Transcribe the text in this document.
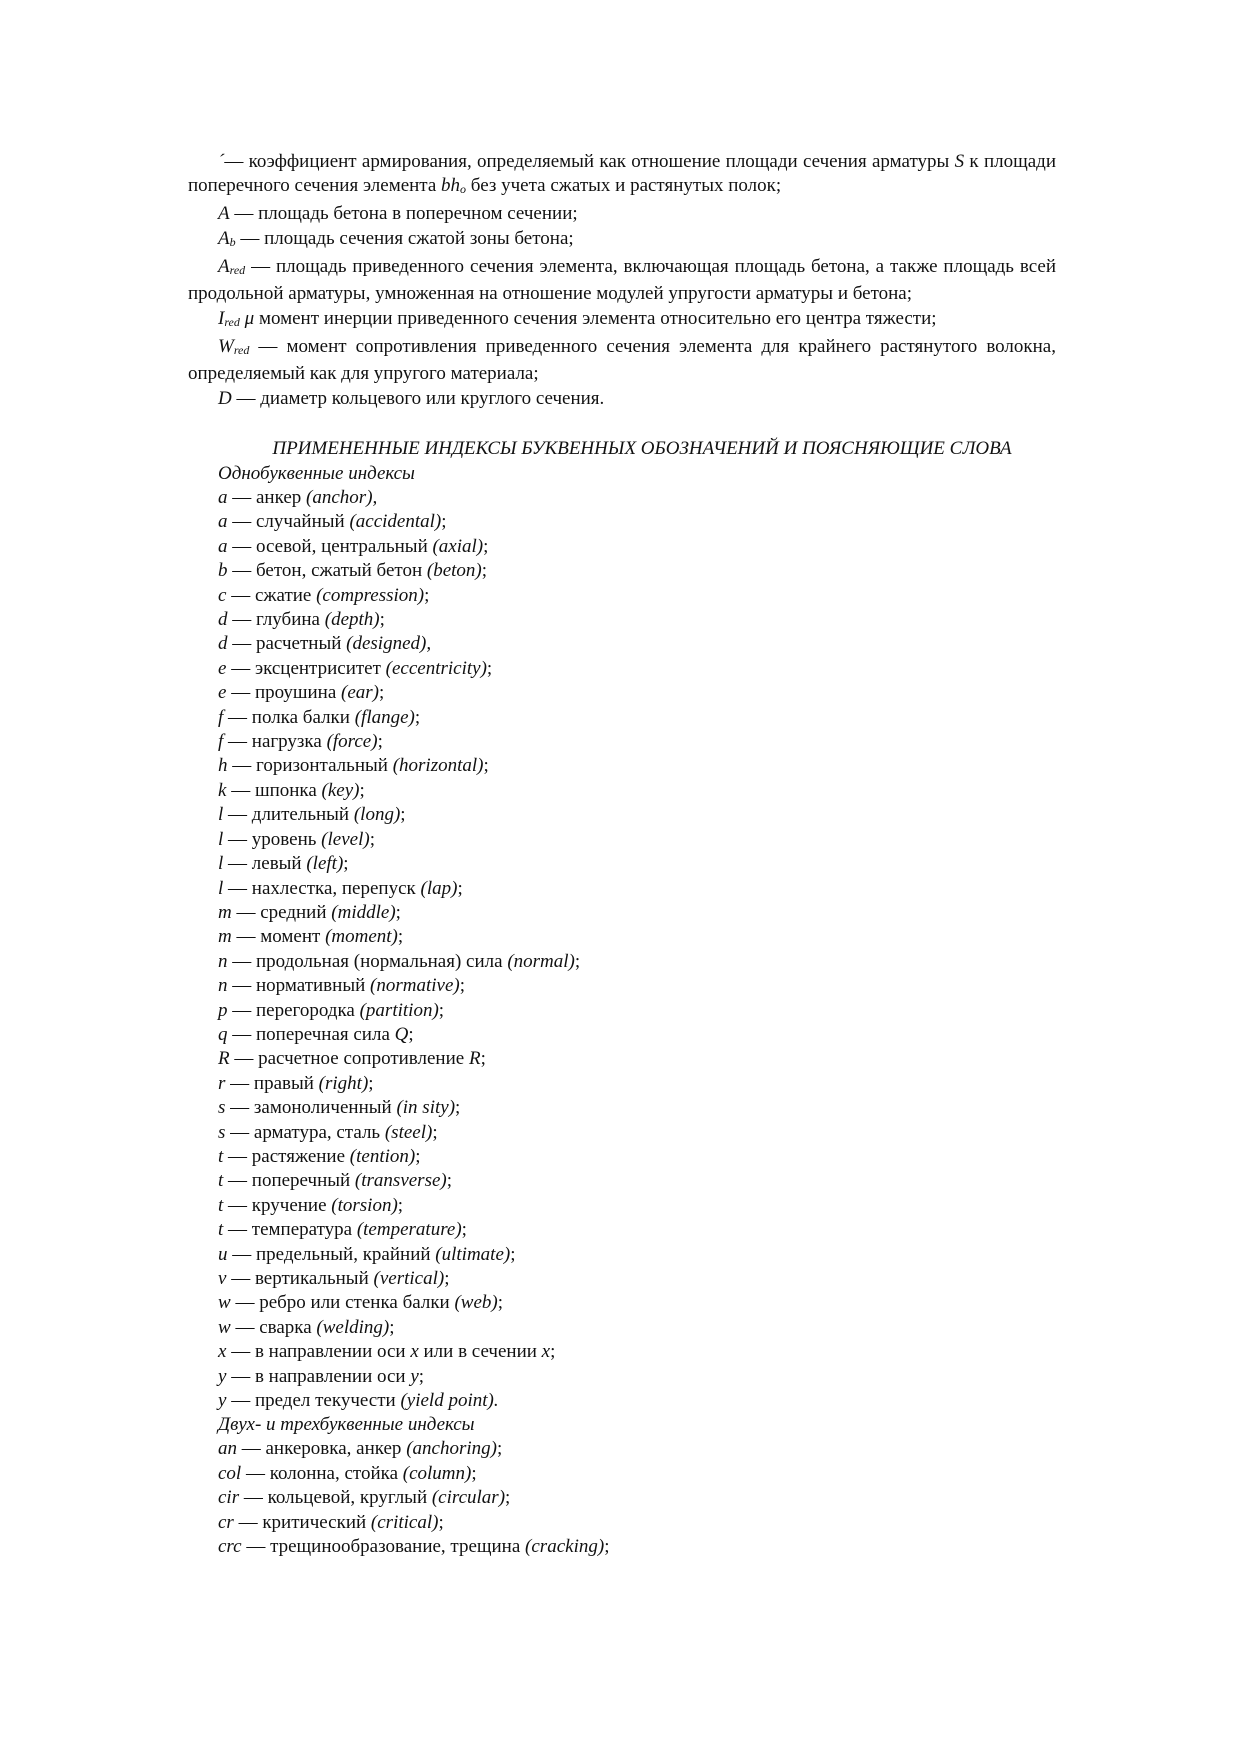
´— коэффициент армирования, определяемый как отношение площади сечения арматуры S к площади поперечного сечения элемента bho без учета сжатых и растянутых полок;

A — площадь бетона в поперечном сечении;

Ab — площадь сечения сжатой зоны бетона;

Ared — площадь приведенного сечения элемента, включающая площадь бетона, а также площадь всей продольной арматуры, умноженная на отношение модулей упругости арматуры и бетона;

Ired μ момент инерции приведенного сечения элемента относительно его центра тяжести;

Wred — момент сопротивления приведенного сечения элемента для крайнего растянутого волокна, определяемый как для упругого материала;

D — диаметр кольцевого или круглого сечения.

ПРИМЕНЕННЫЕ ИНДЕКСЫ БУКВЕННЫХ ОБОЗНАЧЕНИЙ И ПОЯСНЯЮЩИЕ СЛОВА

Однобуквенные индексы

a — анкер (anchor),
a — случайный (accidental);
a — осевой, центральный (axial);
b — бетон, сжатый бетон (beton);
c — сжатие (compression);
d — глубина (depth);
d — расчетный (designed),
e — эксцентриситет (eccentricity);
e — проушина (ear);
f — полка балки (flange);
f — нагрузка (force);
h — горизонтальный (horizontal);
k — шпонка (key);
l — длительный (long);
l — уровень (level);
l — левый (left);
l — нахлестка, перепуск (lap);
m — средний (middle);
m — момент (moment);
n — продольная (нормальная) сила (normal);
n — нормативный (normative);
p — перегородка (partition);
q — поперечная сила Q;
R — расчетное сопротивление R;
r — правый (right);
s — замоноличенный (in sity);
s — арматура, сталь (steel);
t — растяжение (tention);
t — поперечный (transverse);
t — кручение (torsion);
t — температура (temperature);
u — предельный, крайний (ultimate);
v — вертикальный (vertical);
w — ребро или стенка балки (web);
w — сварка (welding);
x — в направлении оси x или в сечении x;
y — в направлении оси y;
y — предел текучести (yield point).

Двух- и трехбуквенные индексы

an — анкеровка, анкер (anchoring);
col — колонна, стойка (column);
cir — кольцевой, круглый (circular);
cr — критический (critical);
crc — трещинообразование, трещина (cracking);
